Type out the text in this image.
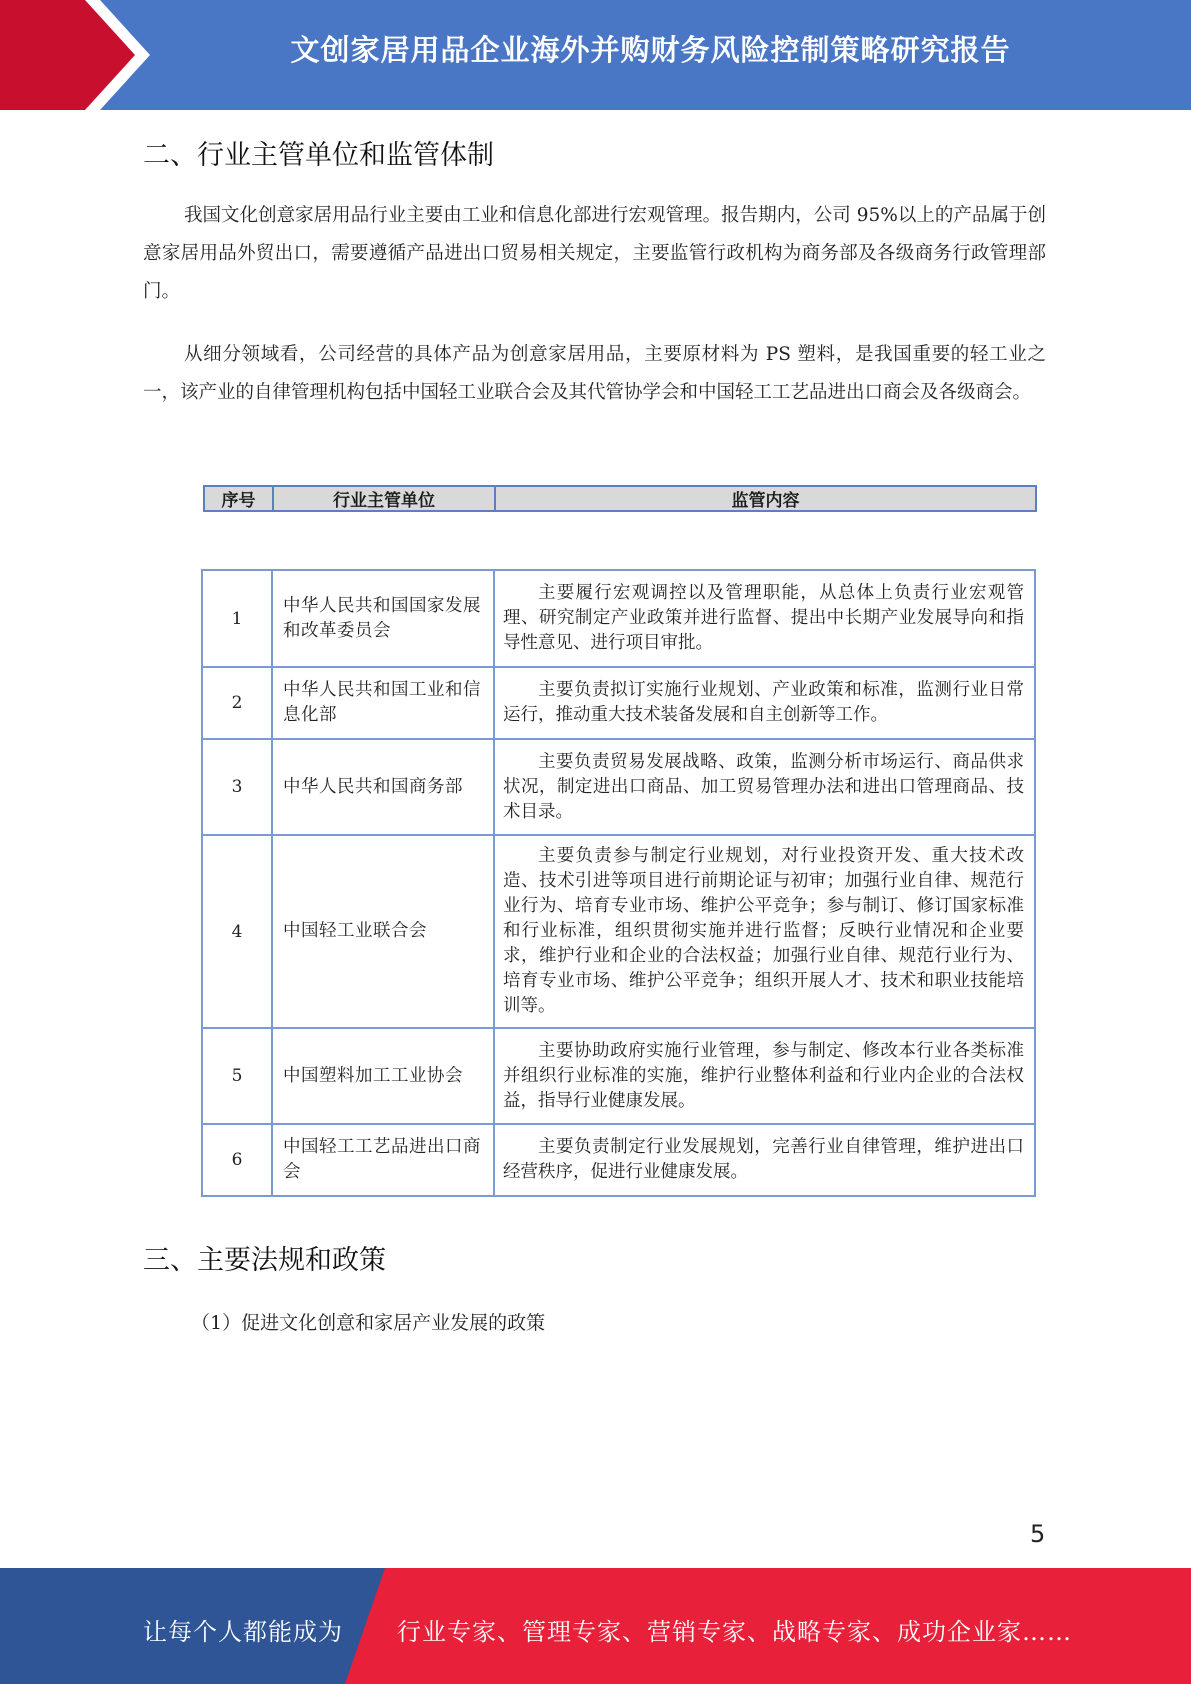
文创家居用品企业海外并购财务风险控制策略研究报告
二、行业主管单位和监管体制
我国文化创意家居用品行业主要由工业和信息化部进行宏观管理。报告期内，公司 95%以上的产品属于创意家居用品外贸出口，需要遵循产品进出口贸易相关规定，主要监管行政机构为商务部及各级商务行政管理部门。
从细分领域看，公司经营的具体产品为创意家居用品，主要原材料为 PS 塑料，是我国重要的轻工业之一，该产业的自律管理机构包括中国轻工业联合会及其代管协学会和中国轻工工艺品进出口商会及各级商会。
序号	行业主管单位	监管内容
1	中华人民共和国国家发展和改革委员会	主要履行宏观调控以及管理职能，从总体上负责行业宏观管理、研究制定产业政策并进行监督、提出中长期产业发展导向和指导性意见、进行项目审批。
2	中华人民共和国工业和信息化部	主要负责拟订实施行业规划、产业政策和标准，监测行业日常运行，推动重大技术装备发展和自主创新等工作。
3	中华人民共和国商务部	主要负责贸易发展战略、政策，监测分析市场运行、商品供求状况，制定进出口商品、加工贸易管理办法和进出口管理商品、技术目录。
4	中国轻工业联合会	主要负责参与制定行业规划，对行业投资开发、重大技术改造、技术引进等项目进行前期论证与初审；加强行业自律、规范行业行为、培育专业市场、维护公平竞争；参与制订、修订国家标准和行业标准，组织贯彻实施并进行监督；反映行业情况和企业要求，维护行业和企业的合法权益；加强行业自律、规范行业行为、培育专业市场、维护公平竞争；组织开展人才、技术和职业技能培训等。
5	中国塑料加工工业协会	主要协助政府实施行业管理，参与制定、修改本行业各类标准并组织行业标准的实施，维护行业整体利益和行业内企业的合法权益，指导行业健康发展。
6	中国轻工工艺品进出口商会	主要负责制定行业发展规划，完善行业自律管理，维护进出口经营秩序，促进行业健康发展。
三、主要法规和政策
（1）促进文化创意和家居产业发展的政策
5
让每个人都能成为 行业专家、管理专家、营销专家、战略专家、成功企业家……
